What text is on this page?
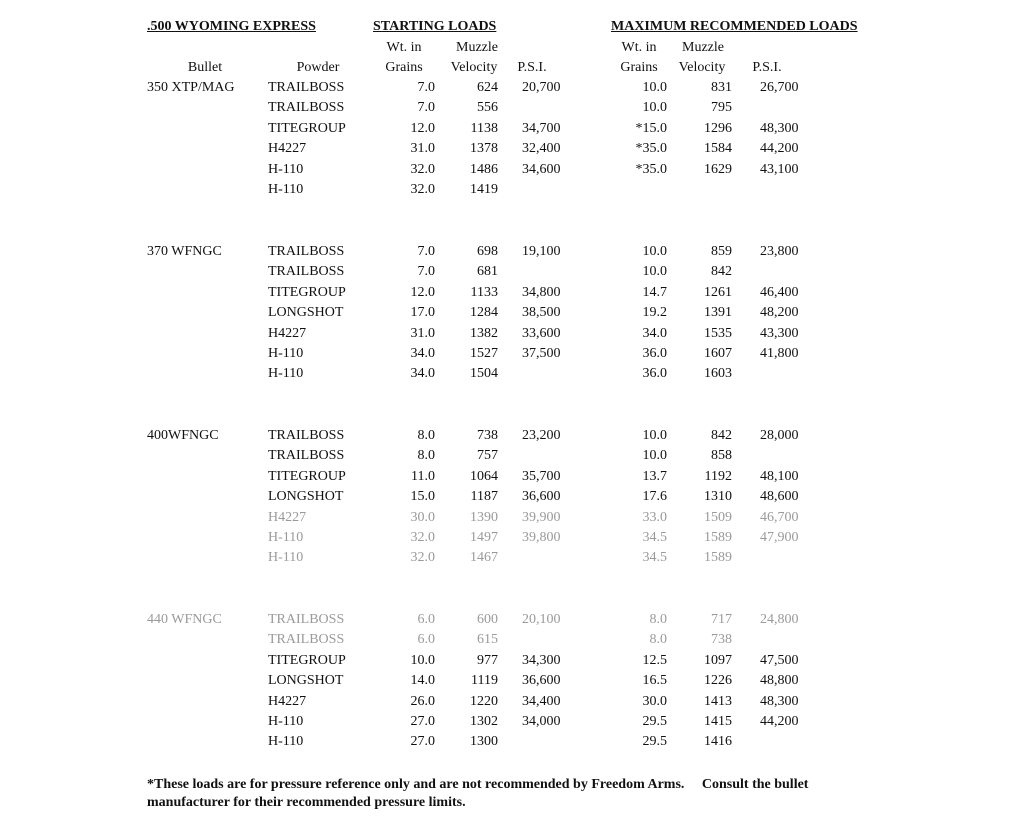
.500 WYOMING EXPRESS	STARTING LOADS	MAXIMUM RECOMMENDED LOADS
Wt. in Muzzle	Wt. in Muzzle
Bullet	Powder	Grains Velocity P.S.I.	Grains Velocity P.S.I.
350 XTP/MAG TRAILBOSS	7.0	624 20,700	10.0	831 26,700
TRAILBOSS	7.0	556	10.0	795
TITEGROUP	12.0	1138 34,700	*15.0	1296 48,300
H4227	31.0	1378 32,400	*35.0	1584 44,200
H-110	32.0	1486 34,600	*35.0	1629 43,100
H-110	32.0	1419
370 WFNGC	TRAILBOSS	7.0	698 19,100	10.0	859 23,800
TRAILBOSS	7.0	681	10.0	842
TITEGROUP	12.0	1133 34,800	14.7	1261 46,400
LONGSHOT	17.0	1284 38,500	19.2	1391 48,200
H4227	31.0	1382 33,600	34.0	1535 43,300
H-110	34.0	1527 37,500	36.0	1607 41,800
H-110	34.0	1504	36.0	1603
400WFNGC	TRAILBOSS	8.0	738 23,200	10.0	842 28,000
TRAILBOSS	8.0	757	10.0	858
TITEGROUP	11.0	1064 35,700	13.7	1192 48,100
LONGSHOT	15.0	1187 36,600	17.6	1310 48,600
H4227	30.0	1390 39,900	33.0	1509 46,700
H-110	32.0	1497 39,800	34.5	1589 47,900
H-110	32.0	1467	34.5	1589
440 WFNGC	TRAILBOSS	6.0	600 20,100	8.0	717 24,800
TRAILBOSS	6.0	615	8.0	738
TITEGROUP	10.0	977 34,300	12.5	1097 47,500
LONGSHOT	14.0	1119 36,600	16.5	1226 48,800
H4227	26.0	1220 34,400	30.0	1413 48,300
H-110	27.0	1302 34,000	29.5	1415 44,200
H-110	27.0	1300	29.5	1416
*These loads are for pressure reference only and are not recommended by Freedom Arms.     Consult the bullet
manufacturer for their recommended pressure limits.
